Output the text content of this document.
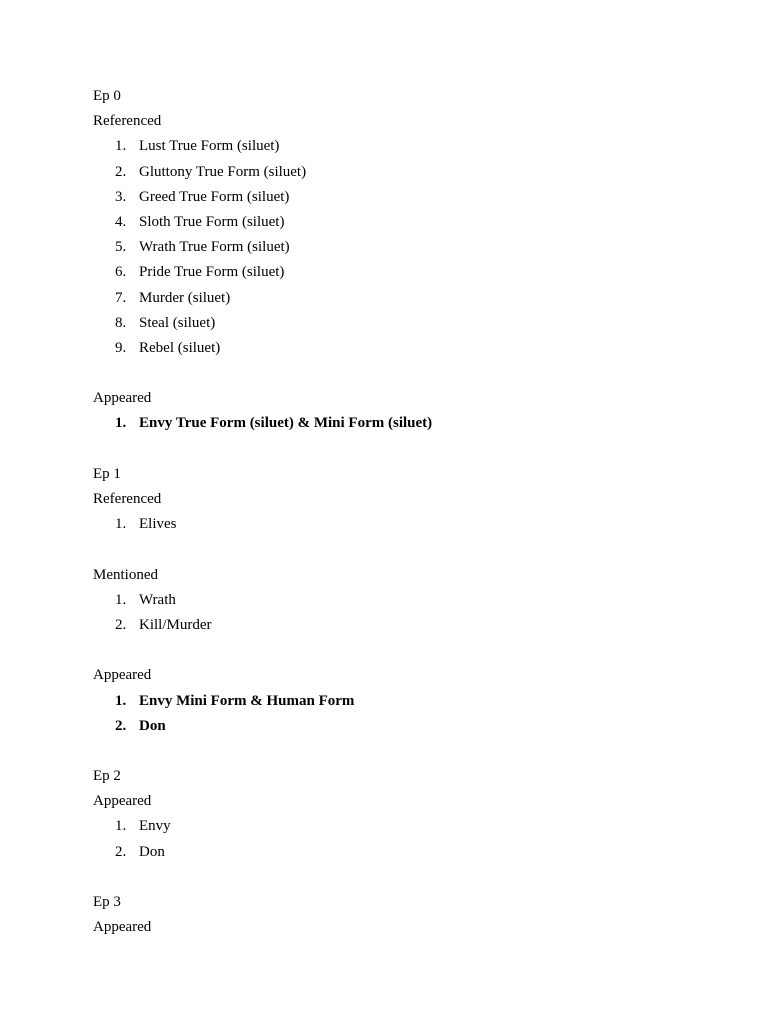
Ep 0
Referenced
1. Lust True Form (siluet)
2. Gluttony True Form (siluet)
3. Greed True Form (siluet)
4. Sloth True Form (siluet)
5. Wrath True Form (siluet)
6. Pride True Form (siluet)
7. Murder (siluet)
8. Steal (siluet)
9. Rebel (siluet)
Appeared
1. Envy True Form (siluet) & Mini Form (siluet)
Ep 1
Referenced
1. Elives
Mentioned
1. Wrath
2. Kill/Murder
Appeared
1. Envy Mini Form & Human Form
2. Don
Ep 2
Appeared
1. Envy
2. Don
Ep 3
Appeared
